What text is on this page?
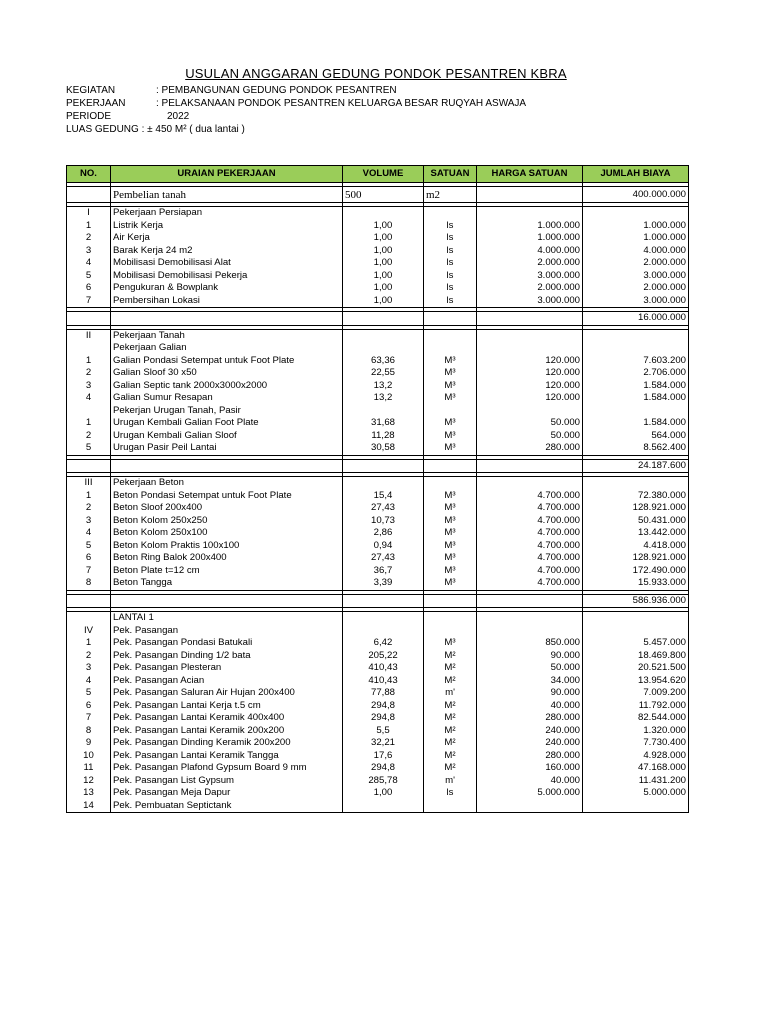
USULAN ANGGARAN GEDUNG PONDOK PESANTREN KBRA
KEGIATAN	: PEMBANGUNAN GEDUNG PONDOK PESANTREN
PEKERJAAN	: PELAKSANAAN PONDOK PESANTREN KELUARGA BESAR RUQYAH ASWAJA
PERIODE	2022
LUAS GEDUNG : ± 450 M² ( dua lantai )
NO.	URAIAN PEKERJAAN	VOLUME	SATUAN	HARGA SATUAN	JUMLAH BIAYA

	Pembelian tanah	500	m2		400.000.000

I	Pekerjaan Persiapan				
1	Listrik Kerja	1,00	ls	1.000.000	1.000.000
2	Air Kerja	1,00	ls	1.000.000	1.000.000
3	Barak Kerja 24 m2	1,00	ls	4.000.000	4.000.000
4	Mobilisasi Demobilisasi Alat	1,00	ls	2.000.000	2.000.000
5	Mobilisasi Demobilisasi Pekerja	1,00	ls	3.000.000	3.000.000
6	Pengukuran & Bowplank	1,00	ls	2.000.000	2.000.000
7	Pembersihan Lokasi	1,00	ls	3.000.000	3.000.000

					16.000.000

II	Pekerjaan Tanah				
	Pekerjaan Galian				
1	Galian Pondasi Setempat untuk Foot Plate	63,36	M³	120.000	7.603.200
2	Galian Sloof 30 x50	22,55	M³	120.000	2.706.000
3	Galian Septic tank 2000x3000x2000	13,2	M³	120.000	1.584.000
4	Galian Sumur Resapan	13,2	M³	120.000	1.584.000
	Pekerjan Urugan Tanah, Pasir				
1	Urugan Kembali Galian Foot Plate	31,68	M³	50.000	1.584.000
2	Urugan Kembali Galian Sloof	11,28	M³	50.000	564.000
5	Urugan Pasir Peil Lantai	30,58	M³	280.000	8.562.400

					24.187.600

III	Pekerjaan Beton				
1	Beton Pondasi Setempat untuk Foot Plate	15,4	M³	4.700.000	72.380.000
2	Beton Sloof 200x400	27,43	M³	4.700.000	128.921.000
3	Beton Kolom 250x250	10,73	M³	4.700.000	50.431.000
4	Beton Kolom 250x100	2,86	M³	4.700.000	13.442.000
5	Beton Kolom Praktis 100x100	0,94	M³	4.700.000	4.418.000
6	Beton Ring Balok 200x400	27,43	M³	4.700.000	128.921.000
7	Beton Plate t=12 cm	36,7	M³	4.700.000	172.490.000
8	Beton Tangga	3,39	M³	4.700.000	15.933.000

					586.936.000

	LANTAI 1				
IV	Pek. Pasangan				
1	Pek. Pasangan Pondasi Batukali	6,42	M³	850.000	5.457.000
2	Pek. Pasangan Dinding 1/2 bata	205,22	M²	90.000	18.469.800
3	Pek. Pasangan Plesteran	410,43	M²	50.000	20.521.500
4	Pek. Pasangan Acian	410,43	M²	34.000	13.954.620
5	Pek. Pasangan Saluran Air Hujan 200x400	77,88	m'	90.000	7.009.200
6	Pek. Pasangan Lantai Kerja t.5 cm	294,8	M²	40.000	11.792.000
7	Pek. Pasangan Lantai Keramik 400x400	294,8	M²	280.000	82.544.000
8	Pek. Pasangan Lantai Keramik 200x200	5,5	M²	240.000	1.320.000
9	Pek. Pasangan Dinding Keramik 200x200	32,21	M²	240.000	7.730.400
10	Pek. Pasangan Lantai Keramik Tangga	17,6	M²	280.000	4.928.000
11	Pek. Pasangan Plafond Gypsum Board 9 mm	294,8	M²	160.000	47.168.000
12	Pek. Pasangan List Gypsum	285,78	m'	40.000	11.431.200
13	Pek. Pasangan Meja Dapur	1,00	ls	5.000.000	5.000.000
14	Pek. Pembuatan Septictank				
